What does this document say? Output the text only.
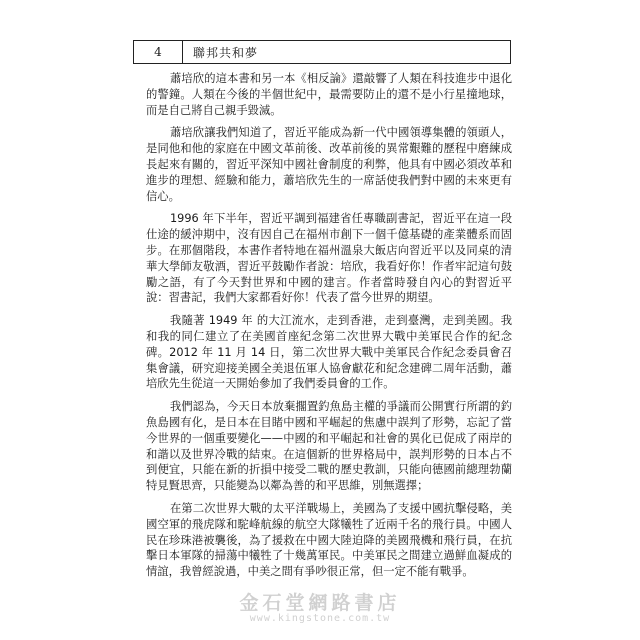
4	聯邦共和夢

蕭培欣的這本書和另一本《相反論》還敲響了人類在科技進步中退化的警鐘。人類在今後的半個世紀中，最需要防止的還不是小行星撞地球，而是自己將自己親手毀滅。

蕭培欣讓我們知道了，習近平能成為新一代中國領導集體的領頭人，是同他和他的家庭在中國文革前後、改革前後的異常艱難的歷程中磨練成長起來有關的，習近平深知中國社會制度的利弊，他具有中國必須改革和進步的理想、經驗和能力，蕭培欣先生的一席話使我們對中國的未來更有信心。

1996 年下半年，習近平調到福建省任專職副書記，習近平在這一段仕途的緩沖期中，沒有因自己在福州市創下一個千億基礎的產業體系而固步。在那個階段，本書作者特地在福州溫泉大飯店向習近平以及同桌的清華大學師友敬酒，習近平鼓勵作者說：培欣，我看好你！作者牢記這句鼓勵之語，有了今天對世界和中國的建言。作者當時發自內心的對習近平說：習書記，我們大家都看好你！代表了當今世界的期望。

我隨著 1949 年 的大江流水，走到香港，走到臺灣，走到美國。我和我的同仁建立了在美國首座紀念第二次世界大戰中美軍民合作的紀念碑。2012 年 11 月 14 日，第二次世界大戰中美軍民合作紀念委員會召集會議，研究迎接美國全美退伍軍人協會獻花和紀念建碑二周年活動，蕭培欣先生從這一天開始參加了我們委員會的工作。

我們認為，今天日本放棄擱置釣魚島主權的爭議而公開實行所謂的釣魚島國有化，是日本在目睹中國和平崛起的焦慮中誤判了形勢，忘記了當今世界的一個重要變化——中國的和平崛起和社會的異化已促成了兩岸的和諧以及世界冷戰的結束。在這個新的世界格局中，誤判形勢的日本占不到便宜，只能在新的折損中接受二戰的歷史教訓，只能向德國前總理勃蘭特見賢思齊，只能變為以鄰為善的和平思維，別無選擇；

在第二次世界大戰的太平洋戰場上，美國為了支援中國抗擊侵略，美國空軍的飛虎隊和駝峰航線的航空大隊犧牲了近兩千名的飛行員。中國人民在珍珠港被襲後，為了援救在中國大陸迫降的美國飛機和飛行員，在抗擊日本軍隊的掃蕩中犧牲了十幾萬軍民。中美軍民之間建立過鮮血凝成的情誼，我曾經說過，中美之間有爭吵很正常，但一定不能有戰爭。

金石堂網路書店
www.kingstone.com.tw
